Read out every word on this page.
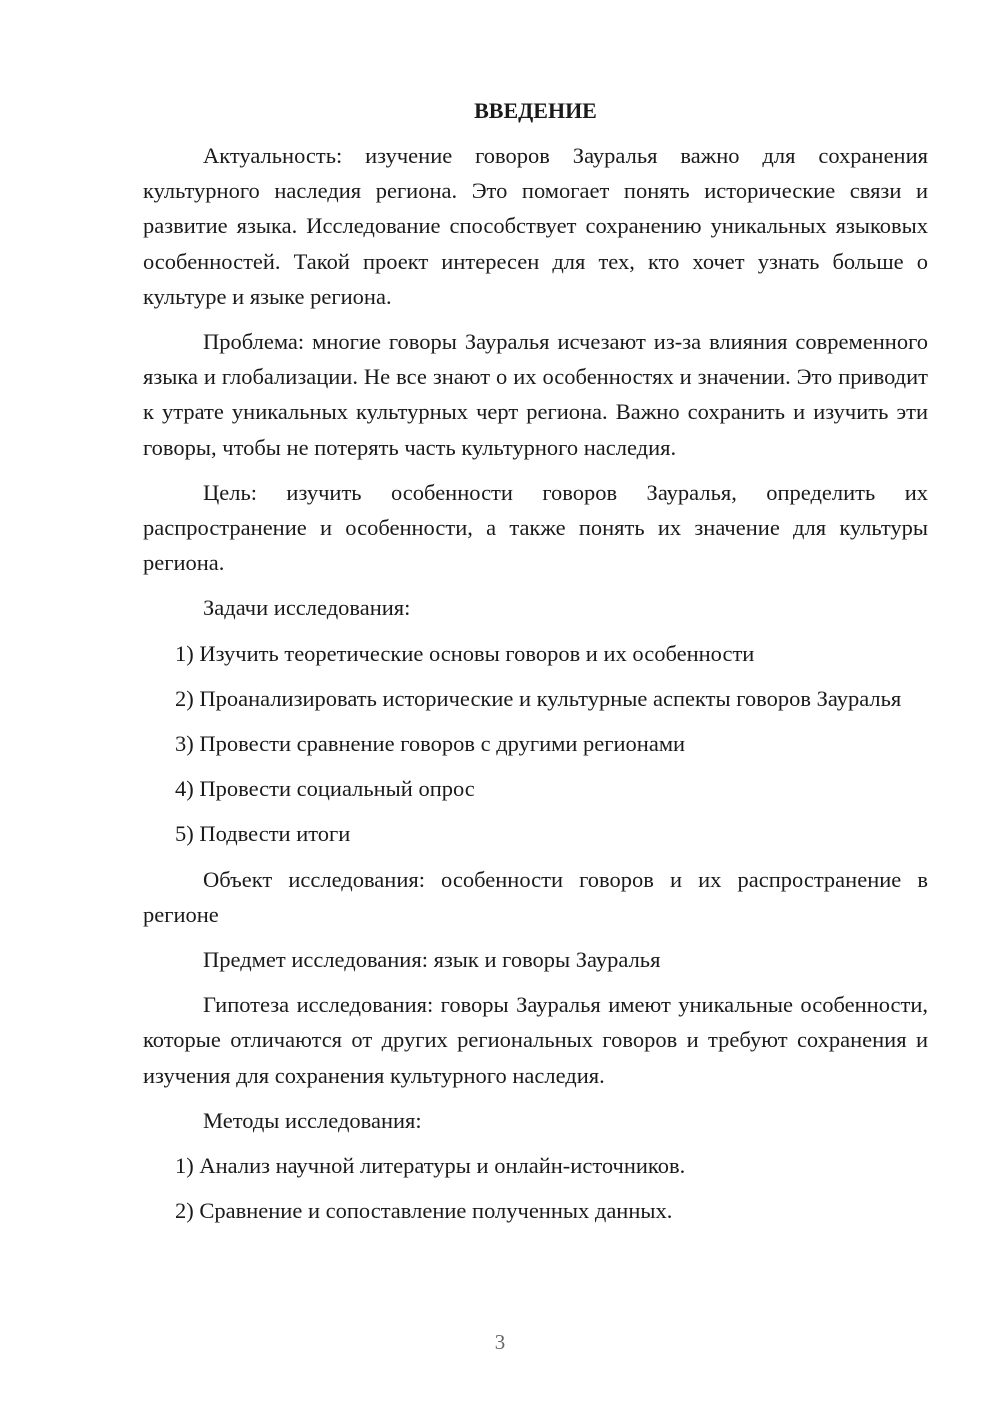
ВВЕДЕНИЕ

Актуальность: изучение говоров Зауралья важно для сохранения культурного наследия региона. Это помогает понять исторические связи и развитие языка. Исследование способствует сохранению уникальных языковых особенностей. Такой проект интересен для тех, кто хочет узнать больше о культуре и языке региона.

Проблема: многие говоры Зауралья исчезают из-за влияния современного языка и глобализации. Не все знают о их особенностях и значении. Это приводит к утрате уникальных культурных черт региона. Важно сохранить и изучить эти говоры, чтобы не потерять часть культурного наследия.

Цель: изучить особенности говоров Зауралья, определить их распространение и особенности, а также понять их значение для культуры региона.

Задачи исследования:

1) Изучить теоретические основы говоров и их особенности

2) Проанализировать исторические и культурные аспекты говоров Зауралья

3) Провести сравнение говоров с другими регионами

4) Провести социальный опрос

5) Подвести итоги

Объект исследования: особенности говоров и их распространение в регионе

Предмет исследования: язык и говоры Зауралья

Гипотеза исследования: говоры Зауралья имеют уникальные особенности, которые отличаются от других региональных говоров и требуют сохранения и изучения для сохранения культурного наследия.

Методы исследования:

1) Анализ научной литературы и онлайн-источников.

2) Сравнение и сопоставление полученных данных.

3
